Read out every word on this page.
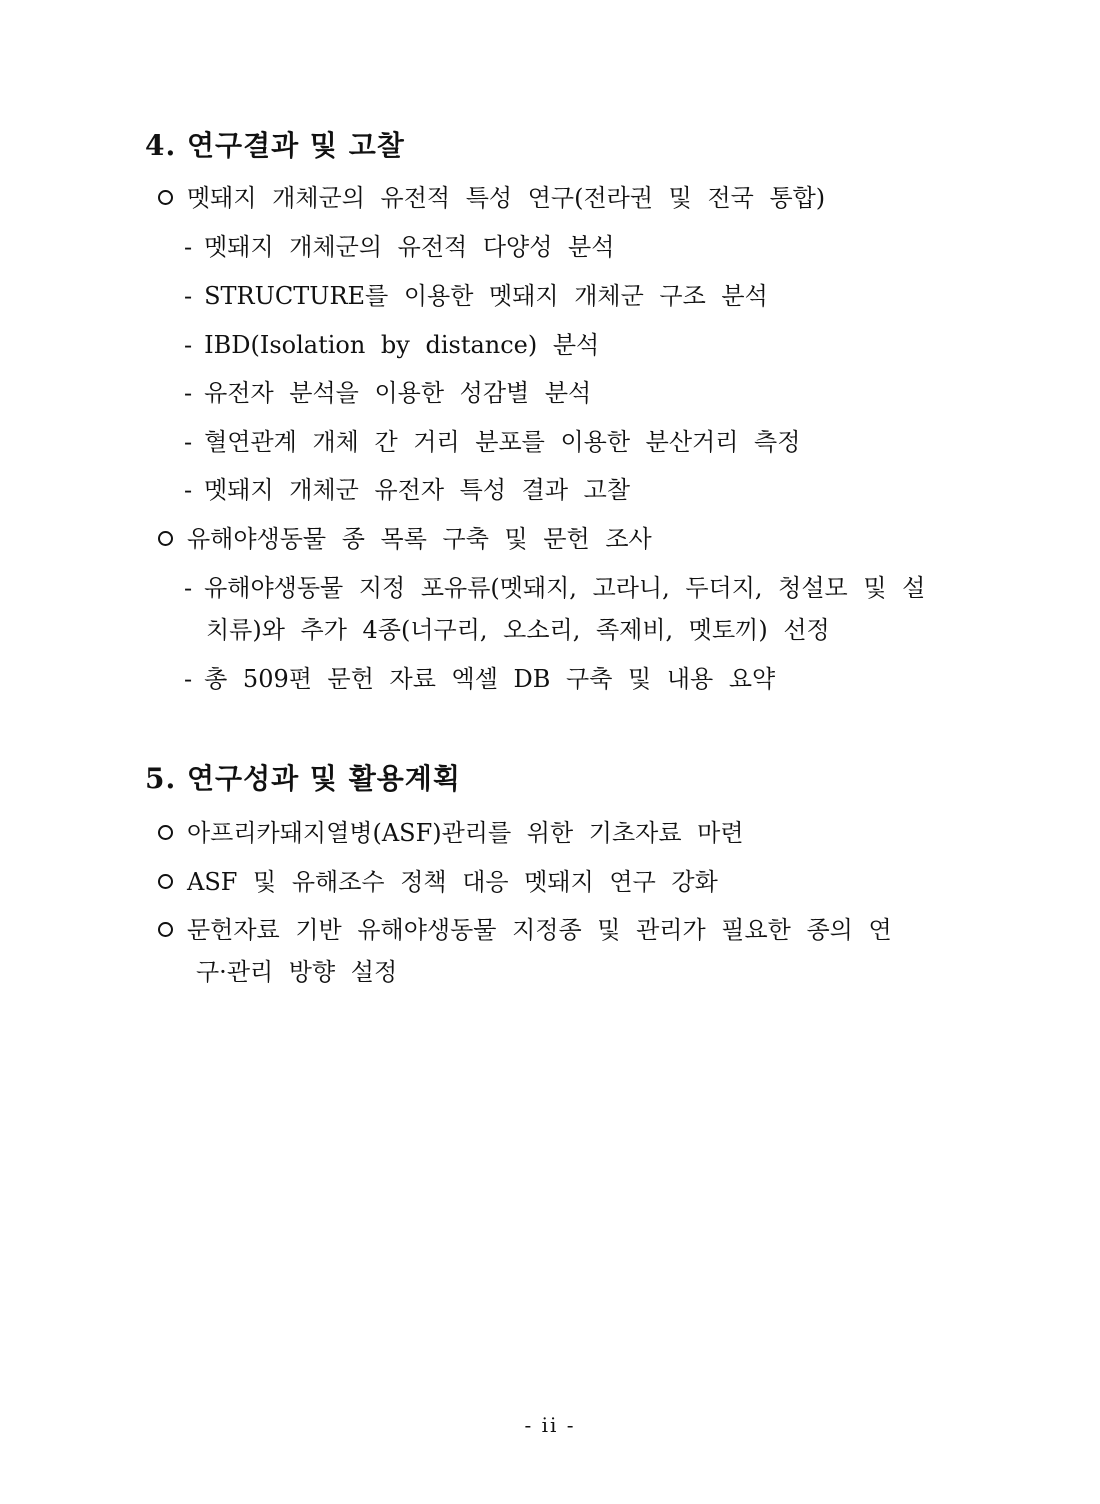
4. 연구결과 및 고찰
멧돼지 개체군의 유전적 특성 연구(전라권 및 전국 통합)
- 멧돼지 개체군의 유전적 다양성 분석
- STRUCTURE를 이용한 멧돼지 개체군 구조 분석
- IBD(Isolation by distance) 분석
- 유전자 분석을 이용한 성감별 분석
- 혈연관계 개체 간 거리 분포를 이용한 분산거리 측정
- 멧돼지 개체군 유전자 특성 결과 고찰
유해야생동물 종 목록 구축 및 문헌 조사
- 유해야생동물 지정 포유류(멧돼지, 고라니, 두더지, 청설모 및 설
치류)와 추가 4종(너구리, 오소리, 족제비, 멧토끼) 선정
- 총 509편 문헌 자료 엑셀 DB 구축 및 내용 요약
5. 연구성과 및 활용계획
아프리카돼지열병(ASF)관리를 위한 기초자료 마련
ASF 및 유해조수 정책 대응 멧돼지 연구 강화
문헌자료 기반 유해야생동물 지정종 및 관리가 필요한 종의 연
구·관리 방향 설정
- ii -
